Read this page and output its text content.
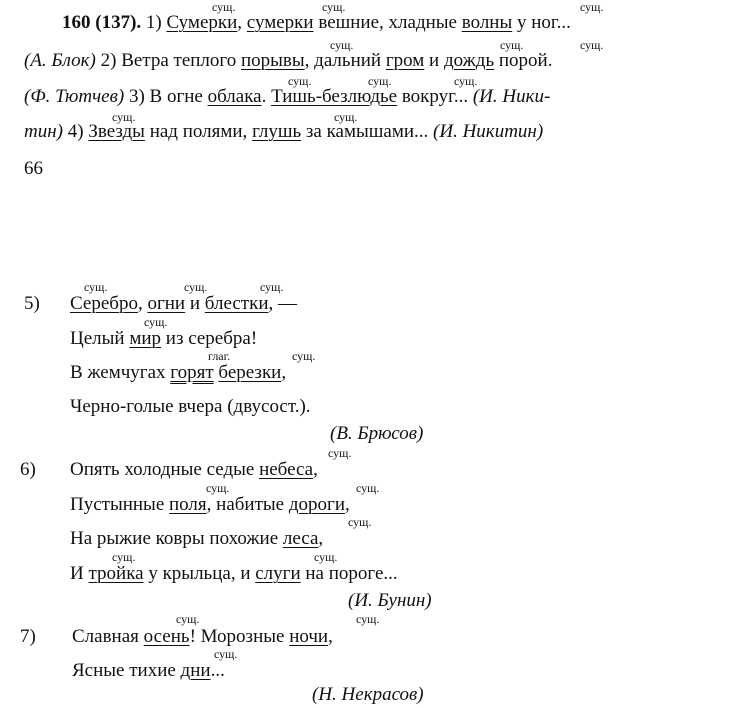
сущ.	сущ.	сущ.
160 (137). 1) Сумерки, сумерки вешние, хладные волны у ног...
сущ.	сущ.	сущ.
(А. Блок) 2) Ветра теплого порывы, дальний гром и дождь порой.
сущ.	сущ.	сущ.
(Ф. Тютчев) 3) В огне облака. Тишь-безлюдье вокруг... (И. Ники-
сущ.	сущ.
тин) 4) Звезды над полями, глушь за камышами... (И. Никитин)
66
5)
сущ.	сущ.	сущ.
Серебро, огни и блестки, —
сущ.
Целый мир из серебра!
глаг.	сущ.
В жемчугах горят березки,
Черно-голые вчера (двусост.).
(В. Брюсов)
6)
сущ.
Опять холодные седые небеса,
сущ.	сущ.
Пустынные поля, набитые дороги,
сущ.
На рыжие ковры похожие леса,
сущ.	сущ.
И тройка у крыльца, и слуги на пороге...
(И. Бунин)
7)
сущ.	сущ.
Славная осень! Морозные ночи,
сущ.
Ясные тихие дни...
(Н. Некрасов)
